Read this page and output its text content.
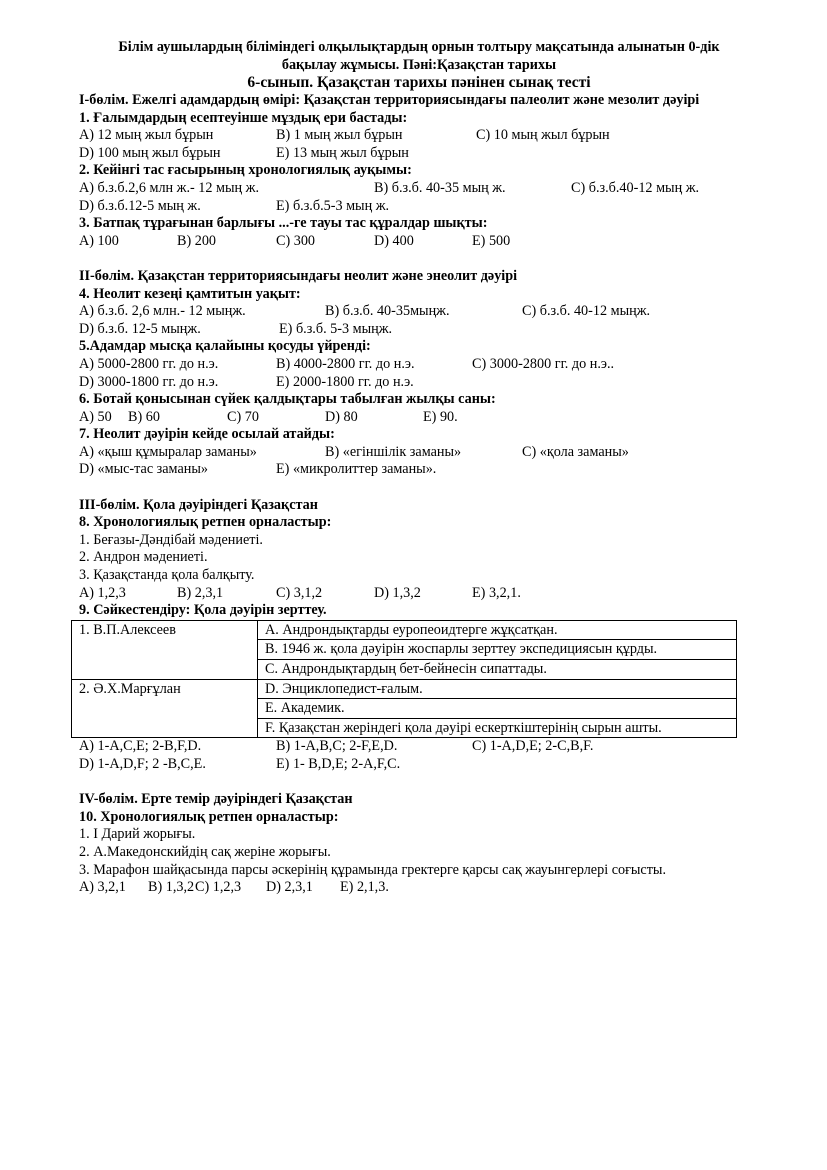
Білім аушылардың біліміндегі олқылықтардың орнын толтыру мақсатында алынатын 0-дік
бақылау жұмысы. Пәні:Қазақстан тарихы
6-сынып. Қазақстан тарихы пәнінен сынақ тесті
I-бөлім. Ежелгі адамдардың өмірі: Қазақстан территориясындағы палеолит және мезолит дәуірі
1. Ғалымдардың есептеуінше мұздық ери бастады:
A) 12 мың жыл бұрын	B) 1 мың жыл бұрын	C) 10 мың жыл бұрын
D) 100 мың жыл бұрын	E) 13 мың жыл бұрын
2. Кейінгі тас ғасырының хронологиялық ауқымы:
A) б.з.б.2,6 млн ж.- 12 мың ж.	B) б.з.б. 40-35 мың ж.	C) б.з.б.40-12 мың ж.
D) б.з.б.12-5 мың ж.	E) б.з.б.5-3 мың ж.
3. Батпақ тұрағынан барлығы ...-ге тауы тас құралдар шықты:
A) 100	B) 200	C) 300	D) 400	E) 500
II-бөлім. Қазақстан территориясындағы неолит және энеолит дәуірі
4. Неолит кезеңі қамтитын уақыт:
A) б.з.б. 2,6 млн.- 12 мыңж.	B) б.з.б. 40-35мыңж.	C) б.з.б. 40-12 мыңж.
D) б.з.б. 12-5 мыңж.	E) б.з.б. 5-3 мыңж.
5.Адамдар мысқа қалайыны қосуды үйренді:
A) 5000-2800 гг. до н.э.	B) 4000-2800 гг. до н.э.	C) 3000-2800 гг. до н.э..
D) 3000-1800 гг. до н.э.	E) 2000-1800 гг. до н.э.
6. Ботай қонысынан сүйек қалдықтары табылған жылқы саны:
A) 50 B) 60	C) 70	D) 80	E) 90.
7. Неолит дәуірін кейде осылай атайды:
A) «қыш құмыралар заманы»	B) «егіншілік заманы»	C) «қола заманы»
D) «мыс-тас заманы»	E) «микролиттер заманы».
III-бөлім. Қола дәуіріндегі Қазақстан
8. Хронологиялық ретпен орналастыр:
1. Беғазы-Дәндібай мәдениеті.
2. Андрон мәдениеті.
3. Қазақстанда қола балқыту.
A) 1,2,3	B) 2,3,1	C) 3,1,2	D) 1,3,2	E) 3,2,1.
9. Сәйкестендіру: Қола дәуірін зерттеу.
1. В.П.Алексеев	A. Андрондықтарды еуропеоидтерге жұқсатқан.
	B. 1946 ж. қола дәуірін жоспарлы зерттеу экспедициясын құрды.
	C. Андрондықтардың бет-бейнесін сипаттады.
2. Ә.Х.Марғұлан	D. Энциклопедист-ғалым.
	E. Академик.
	F. Қазақстан жеріндегі қола дәуірі ескерткіштерінің сырын ашты.
A) 1-A,C,E; 2-B,F,D.	B) 1-A,B,C; 2-F,E,D.	C) 1-A,D,E; 2-C,B,F.
D) 1-A,D,F; 2 -B,C,E.	E) 1- B,D,E; 2-A,F,C.
IV-бөлім. Ерте темір дәуіріндегі Қазақстан
10. Хронологиялық ретпен орналастыр:
1. I Дарий жорығы.
2. А.Македонскийдің сақ жеріне жорығы.
3. Марафон шайқасында парсы әскерінің құрамында гректерге қарсы сақ жауынгерлері соғысты.
A) 3,2,1 B) 1,3,2 C) 1,2,3 D) 2,3,1 E) 2,1,3.
